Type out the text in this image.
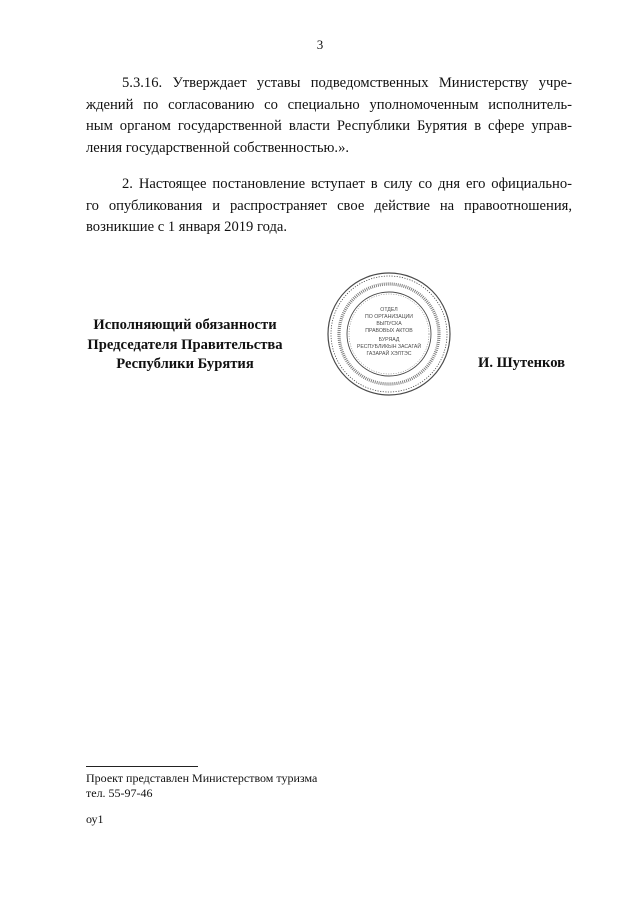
3

5.3.16. Утверждает уставы подведомственных Министерству учре-
ждений по согласованию со специально уполномоченным исполнитель-
ным органом государственной власти Республики Бурятия в сфере управ-
ления государственной собственностью.».

2. Настоящее постановление вступает в силу со дня его официально-
го опубликования и распространяет свое действие на правоотношения,
возникшие с 1 января 2019 года.

Исполняющий обязанности
Председателя Правительства
Республики Бурятия
ОТДЕЛ
ПО ОРГАНИЗАЦИИ
ВЫПУСКА
ПРАВОВЫХ АКТОВ
БУРЯАД
РЕСПУБЛИКЫН ЗАСАГАЙ
ГАЗАРАЙ ХЭЛТЭС
И. Шутенков
Проект представлен Министерством туризма
тел. 55-97-46
оу1
